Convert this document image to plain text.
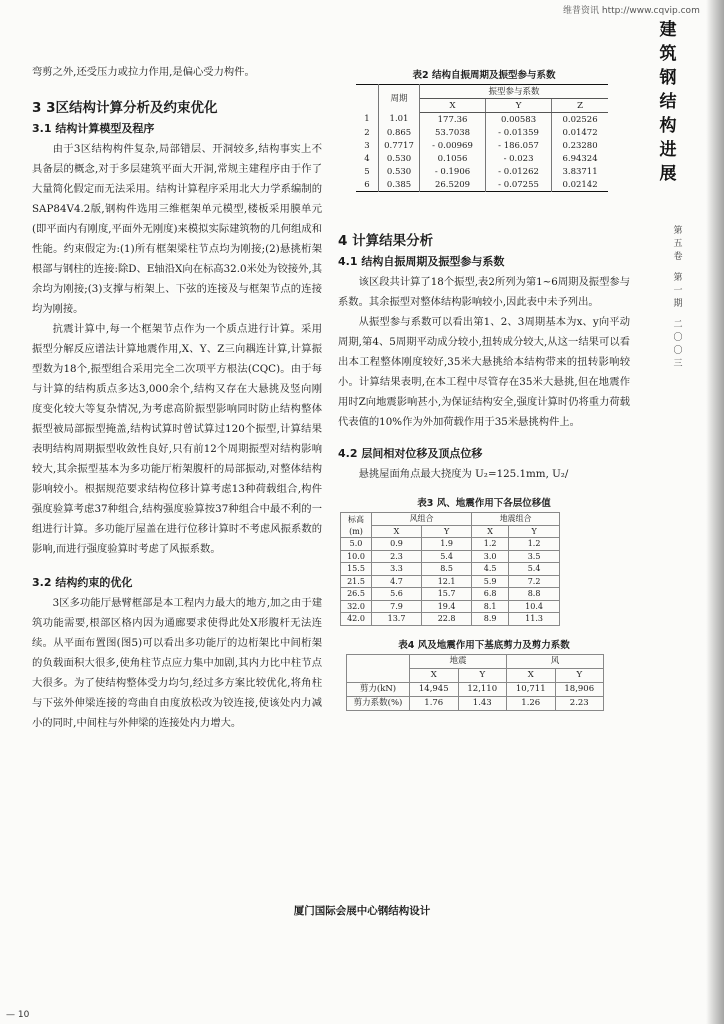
维普资讯 http://www.cqvip.com
建
筑
钢
结
构
进
展
第
五
卷
第
一
期
二
〇
〇
三

弯剪之外,还受压力或拉力作用,是偏心受力构件。

3 3区结构计算分析及约束优化
3.1 结构计算模型及程序

由于3区结构构件复杂,局部错层、开洞较多,结构事实上不具备层的概念,对于多层建筑平面大开洞,常规主建程序由于作了大量简化假定而无法采用。结构计算程序采用北大力学系编制的SAP84V4.2版,钢构件选用三维框架单元模型,楼板采用膜单元(即平面内有刚度,平面外无刚度)来模拟实际建筑物的几何组成和性能。约束假定为:(1)所有框架梁柱节点均为刚接;(2)悬挑桁架根部与钢柱的连接:除D、E轴沿X向在标高32.0米处为铰接外,其余均为刚接;(3)支撑与桁架上、下弦的连接及与框架节点的连接均为刚接。

抗震计算中,每一个框架节点作为一个质点进行计算。采用振型分解反应谱法计算地震作用,X、Y、Z三向耦连计算,计算振型数为18个,振型组合采用完全二次项平方根法(CQC)。由于每与计算的结构质点多达3,000余个,结构又存在大悬挑及竖向刚度变化较大等复杂情况,为考虑高阶振型影响同时防止结构整体振型被局部振型掩盖,结构试算时曾试算过120个振型,计算结果表明结构周期振型收敛性良好,只有前12个周期振型对结构影响较大,其余振型基本为多功能厅桁架腹杆的局部振动,对整体结构影响较小。根据规范要求结构位移计算考虑13种荷载组合,构件强度验算考虑37种组合,结构强度验算按37种组合中最不利的一组进行计算。多功能厅屋盖在进行位移计算时不考虑风振系数的影响,而进行强度验算时考虑了风振系数。

3.2 结构约束的优化

3区多功能厅悬臂框部是本工程内力最大的地方,加之由于建筑功能需要,根部区格内因为通廊要求使得此处X形腹杆无法连续。从平面布置图(图5)可以看出多功能厅的边桁架比中间桁架的负载面积大很多,使角柱节点应力集中加剧,其内力比中柱节点大很多。为了使结构整体受力均匀,经过多方案比较优化,将角柱与下弦外伸梁连接的弯曲自由度放松改为铰连接,使该处内力减小的同时,中间柱与外伸梁的连接处内力增大。

表2 结构自振周期及振型参与系数
	周期	振型参与系数		
		X	Y	Z
1	1.01	177.36	0.00583	0.02526
2	0.865	53.7038	- 0.01359	0.01472
3	0.7717	- 0.00969	- 186.057	0.23280
4	0.530	0.1056	- 0.023	6.94324
5	0.530	- 0.1906	- 0.01262	3.83711
6	0.385	26.5209	- 0.07255	0.02142
4 计算结果分析
4.1 结构自振周期及振型参与系数

该区段共计算了18个振型,表2所列为第1~6周期及振型参与系数。其余振型对整体结构影响较小,因此表中未予列出。

从振型参与系数可以看出第1、2、3周期基本为x、y向平动周期,第4、5周期平动成分较小,扭转成分较大,从这一结果可以看出本工程整体刚度较好,35米大悬挑给本结构带来的扭转影响较小。计算结果表明,在本工程中尽管存在35米大悬挑,但在地震作用时Z向地震影响甚小,为保证结构安全,强度计算时仍将重力荷载代表值的10%作为外加荷载作用于35米悬挑构件上。

4.2 层间相对位移及顶点位移

悬挑屋面角点最大挠度为 U₂=125.1mm, U₂/

表3 风、地震作用下各层位移值
标高	风组合		地震组合	
(m)	X	Y	X	Y
5.0	0.9	1.9	1.2	1.2
10.0	2.3	5.4	3.0	3.5
15.5	3.3	8.5	4.5	5.4
21.5	4.7	12.1	5.9	7.2
26.5	5.6	15.7	6.8	8.8
32.0	7.9	19.4	8.1	10.4
42.0	13.7	22.8	8.9	11.3
表4 风及地震作用下基底剪力及剪力系数
	地震		风	
	X	Y	X	Y
剪力(kN)	14,945	12,110	10,711	18,906
剪力系数(%)	1.76	1.43	1.26	2.23
厦门国际会展中心钢结构设计
— 10
